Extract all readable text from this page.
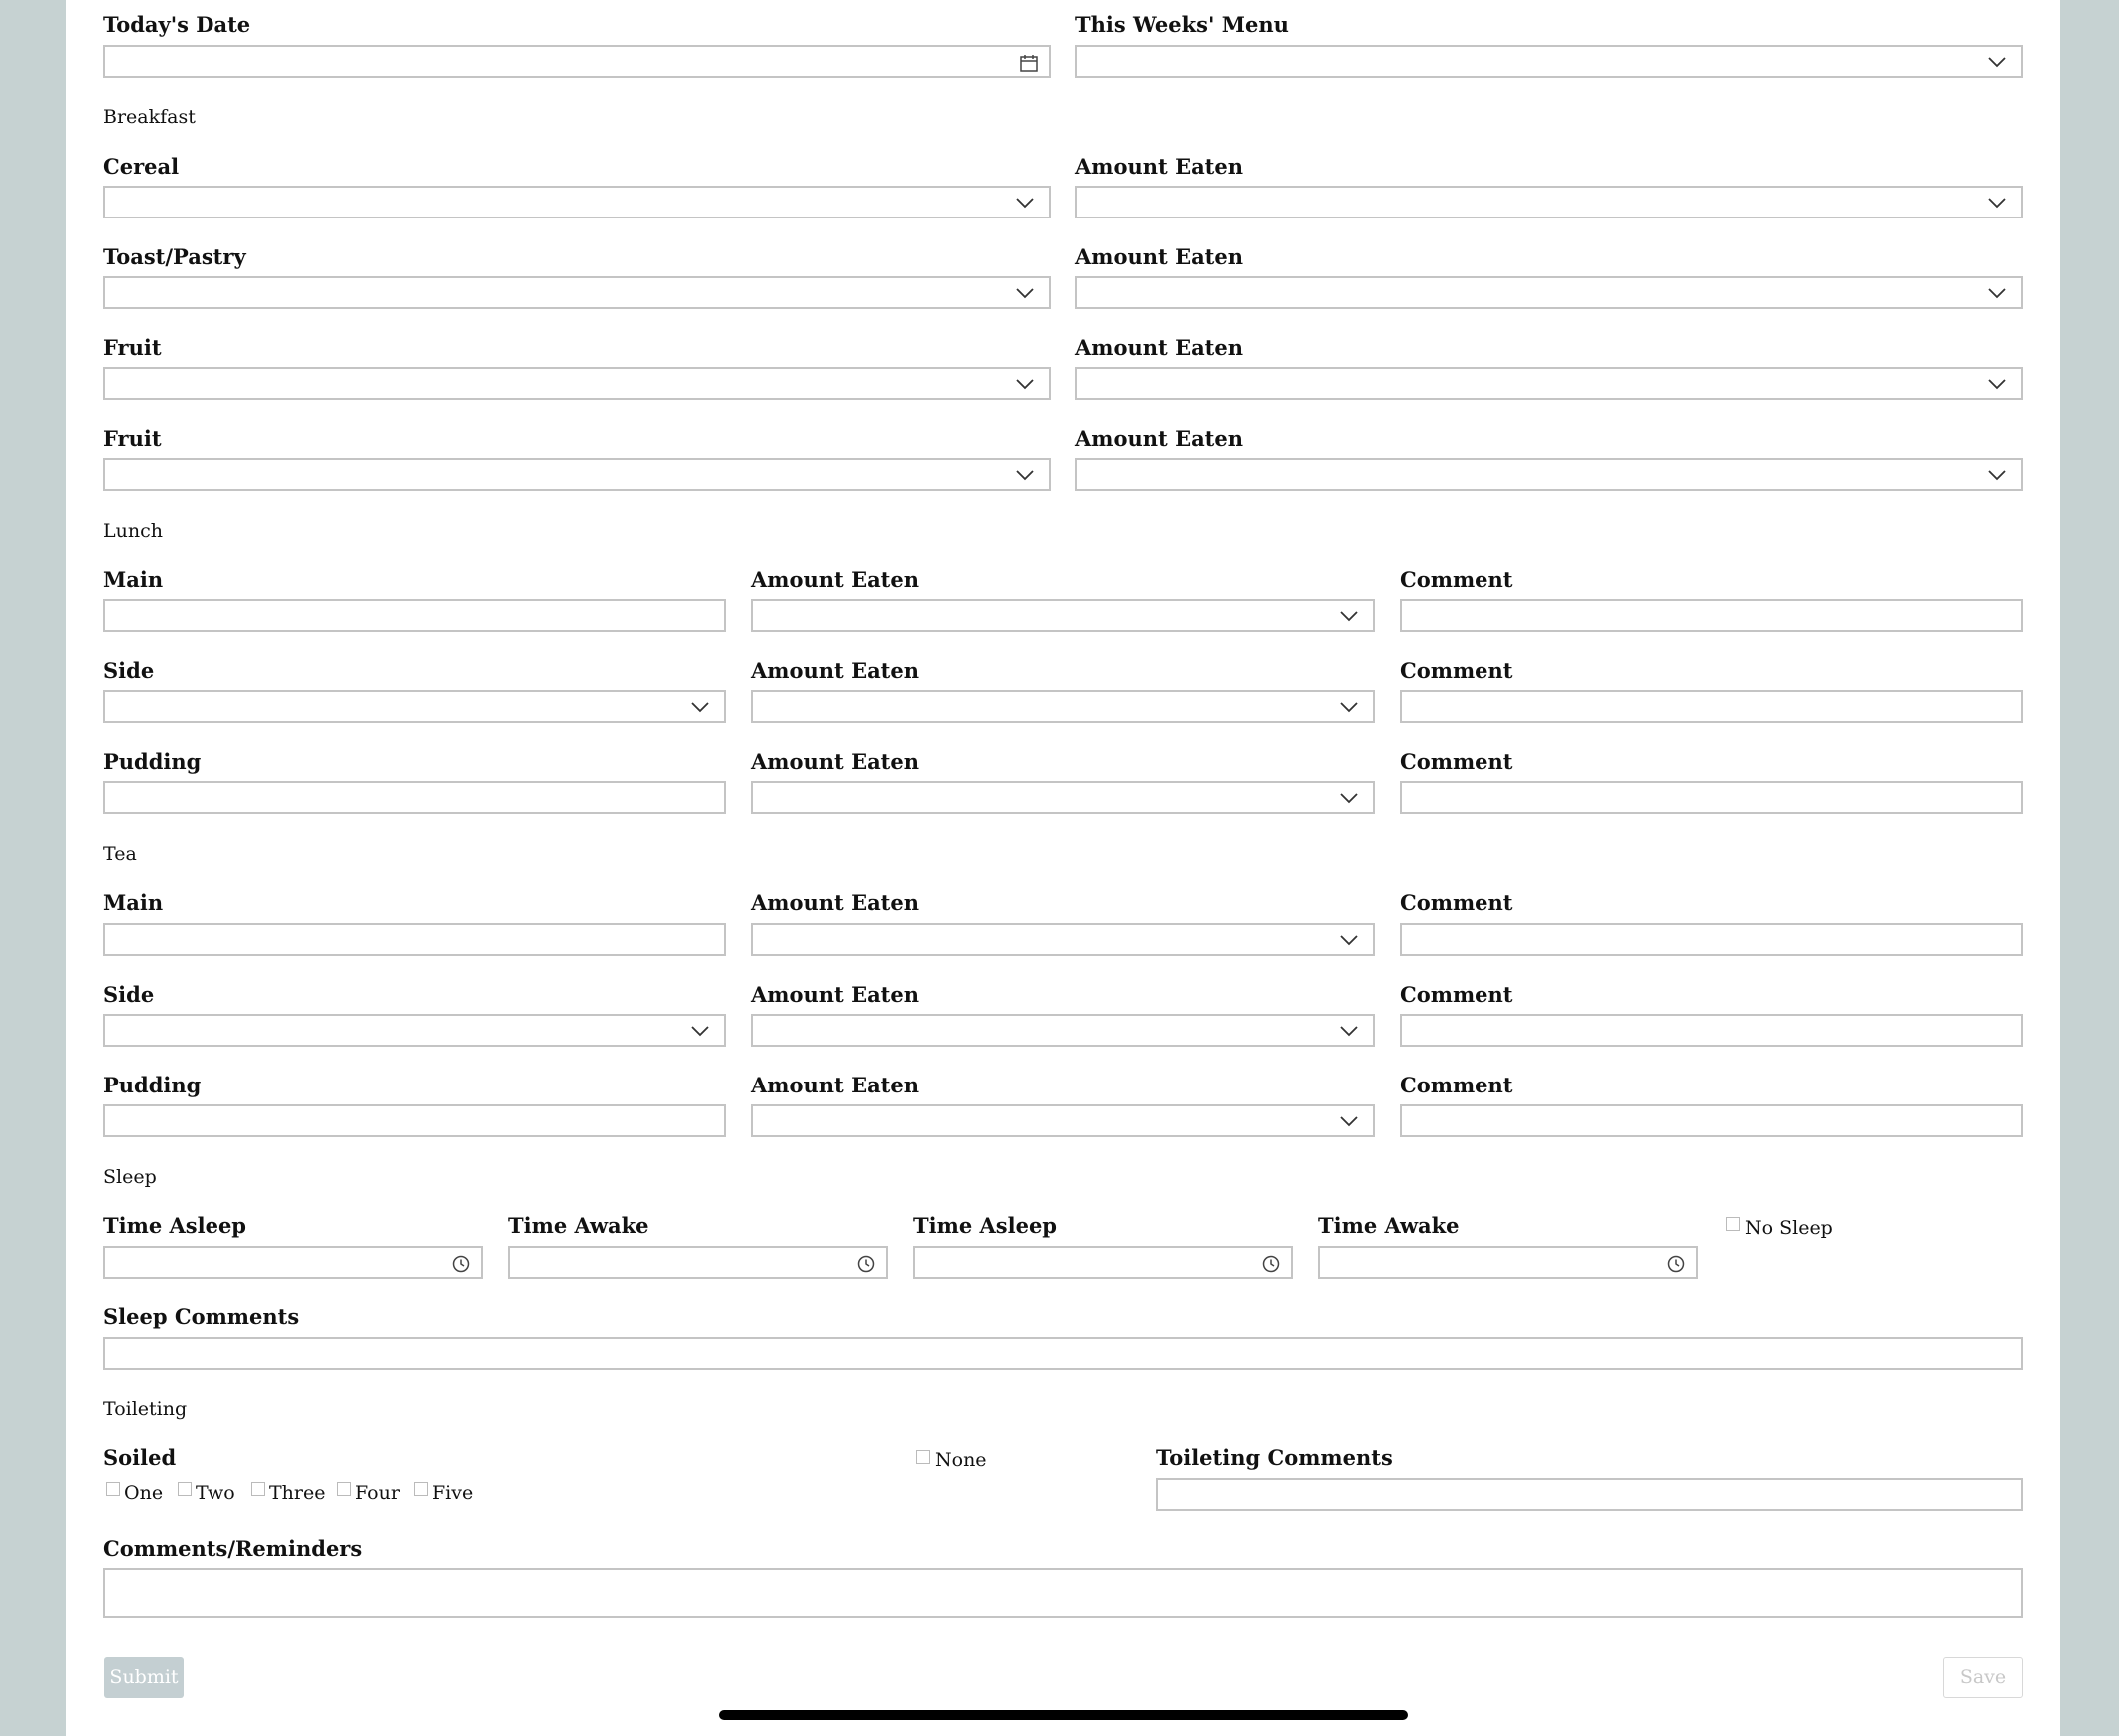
Today's Date	This Weeks' Menu
Breakfast
Cereal	Amount Eaten
Toast/Pastry	Amount Eaten
Fruit	Amount Eaten
Fruit	Amount Eaten
Lunch
Main	Amount Eaten	Comment
Side	Amount Eaten	Comment
Pudding	Amount Eaten	Comment
Tea
Main	Amount Eaten	Comment
Side	Amount Eaten	Comment
Pudding	Amount Eaten	Comment
Sleep
Time Asleep	Time Awake	Time Asleep	Time Awake	No Sleep
Sleep Comments
Toileting
Soiled
One Two Three Four Five
None	Toileting Comments
Comments/Reminders
Submit	Save
